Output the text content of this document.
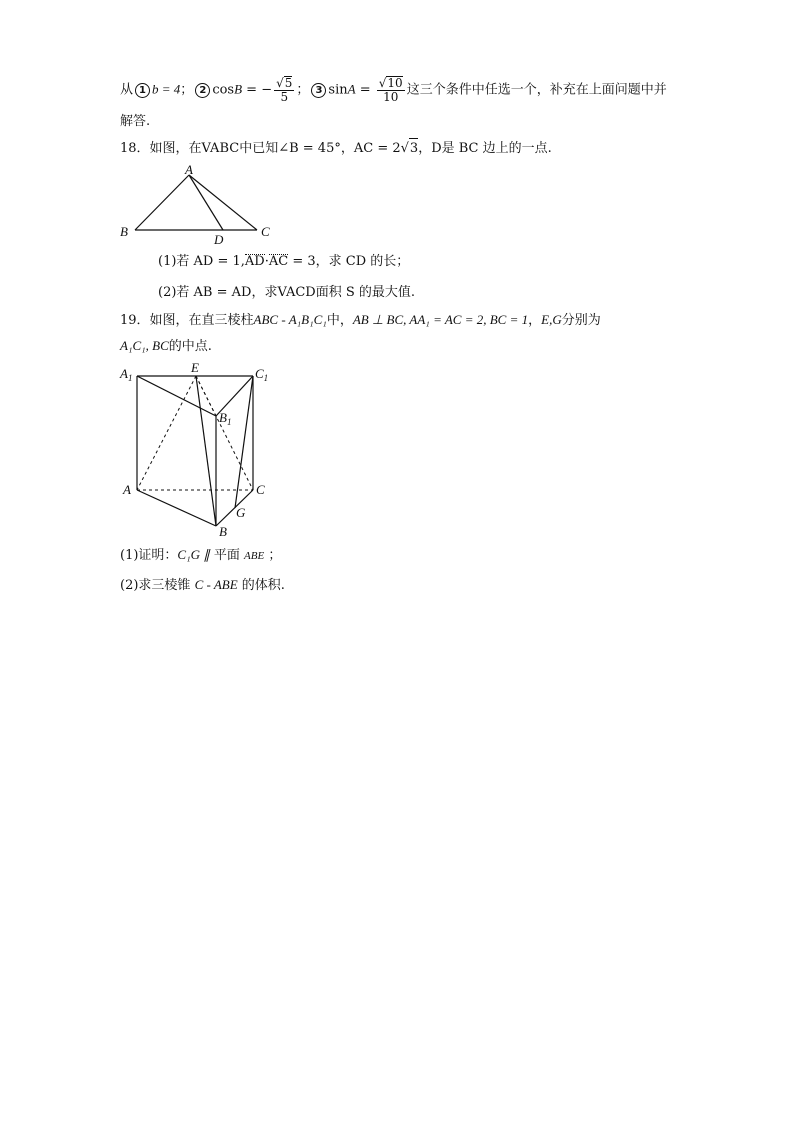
从 1 b = 4； 2 cosB = − $\frac{√5}{5}$ ； 3 $\sin A = \frac{√10}{10}$ 这三个条件中任选一个，补充在上面问题中并
解答.
18．如图，在VABC中已知∠B = 45°，AC = 2√3，D是 BC 边上的一点.
A
B	C
D
(1)若 AD = 1,AD·AC = 3，求 CD 的长；
(2)若 AB = AD，求VACD面积 S 的最大值.
19．如图，在直三棱柱ABC - A₁B₁C₁中，AB ⊥ BC, AA₁ = AC = 2, BC = 1，E,G分别为
A₁C₁, BC的中点.
$A_1$
E	$C_1$
$B_1$
A	C
G
B
(1)证明：C₁G ∥ 平面 ABE ；
(2)求三棱锥 C - ABE 的体积.
